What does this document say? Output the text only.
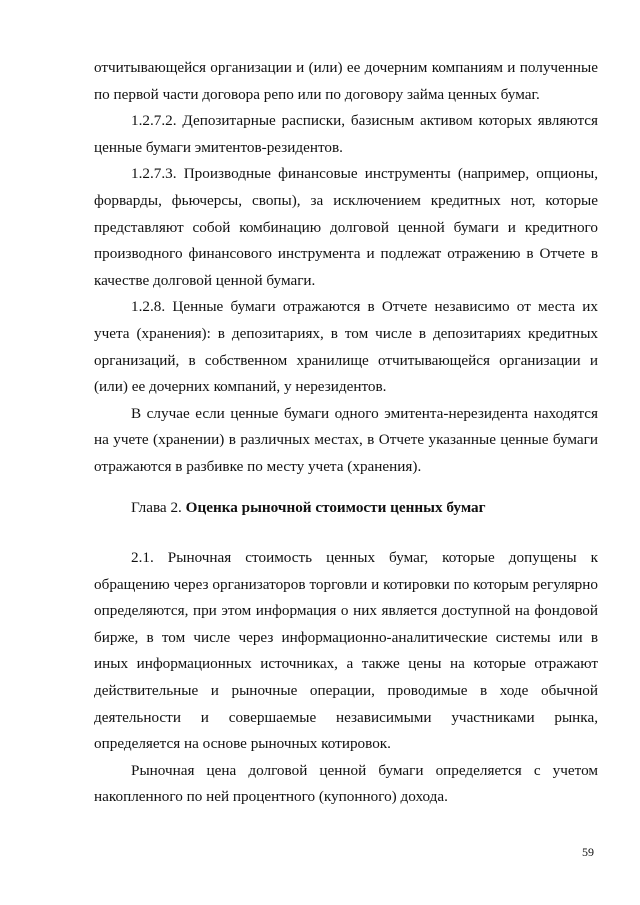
отчитывающейся организации и (или) ее дочерним компаниям и полученные по первой части договора репо или по договору займа ценных бумаг.

1.2.7.2. Депозитарные расписки, базисным активом которых являются ценные бумаги эмитентов-резидентов.

1.2.7.3. Производные финансовые инструменты (например, опционы, форварды, фьючерсы, свопы), за исключением кредитных нот, которые представляют собой комбинацию долговой ценной бумаги и кредитного производного финансового инструмента и подлежат отражению в Отчете в качестве долговой ценной бумаги.

1.2.8. Ценные бумаги отражаются в Отчете независимо от места их учета (хранения): в депозитариях, в том числе в депозитариях кредитных организаций, в собственном хранилище отчитывающейся организации и (или) ее дочерних компаний, у нерезидентов.

В случае если ценные бумаги одного эмитента-нерезидента находятся на учете (хранении) в различных местах, в Отчете указанные ценные бумаги отражаются в разбивке по месту учета (хранения).

Глава 2. Оценка рыночной стоимости ценных бумаг

2.1. Рыночная стоимость ценных бумаг, которые допущены к обращению через организаторов торговли и котировки по которым регулярно определяются, при этом информация о них является доступной на фондовой бирже, в том числе через информационно-аналитические системы или в иных информационных источниках, а также цены на которые отражают действительные и рыночные операции, проводимые в ходе обычной деятельности и совершаемые независимыми участниками рынка, определяется на основе рыночных котировок.

Рыночная цена долговой ценной бумаги определяется с учетом накопленного по ней процентного (купонного) дохода.

59
